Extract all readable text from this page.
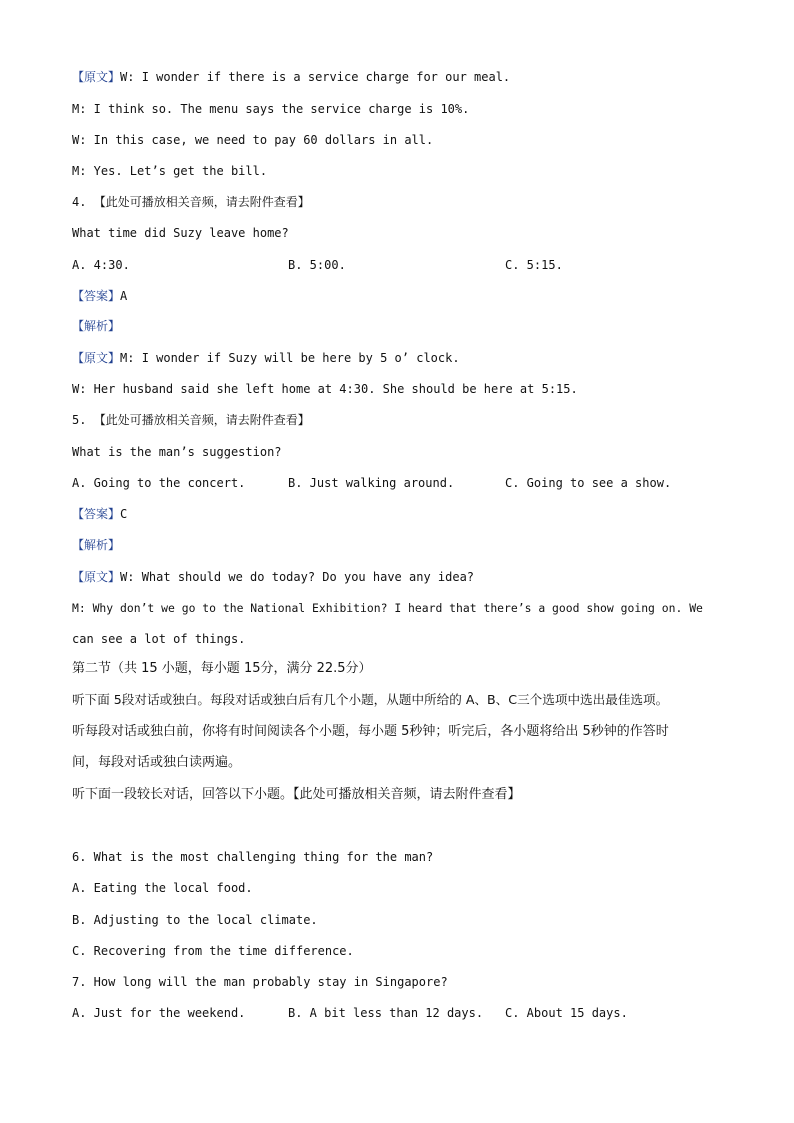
【原文】W: I wonder if there is a service charge for our meal.

M: I think so. The menu says the service charge is 10%.

W: In this case, we need to pay 60 dollars in all.

M: Yes. Let’s get the bill.

4. 【此处可播放相关音频，请去附件查看】

What time did Suzy leave home?

A. 4:30.

	B. 5:00.

	C. 5:15.

【答案】A

【解析】

【原文】M: I wonder if Suzy will be here by 5 o’ clock.

W: Her husband said she left home at 4:30. She should be here at 5:15.

5. 【此处可播放相关音频，请去附件查看】

What is the man’s suggestion?

A. Going to the concert.

	B. Just walking around.

	C. Going to see a show.

【答案】C

【解析】

【原文】W: What should we do today? Do you have any idea?

M: Why don’t we go to the National Exhibition? I heard that there’s a good show going on. We

can see a lot of things.

第二节（共 15 小题，每小题 15分，满分 22.5分）

听下面 5段对话或独白。每段对话或独白后有几个小题，从题中所给的 A、B、C三个选项中选出最佳选项。

听每段对话或独白前，你将有时间阅读各个小题，每小题 5秒钟；听完后，各小题将给出 5秒钟的作答时

间，每段对话或独白读两遍。

听下面一段较长对话，回答以下小题。【此处可播放相关音频，请去附件查看】

6. What is the most challenging thing for the man?

A. Eating the local food.

B. Adjusting to the local climate.

C. Recovering from the time difference.

7. How long will the man probably stay in Singapore?

A. Just for the weekend.

	B. A bit less than 12 days.

C. About 15 days.
